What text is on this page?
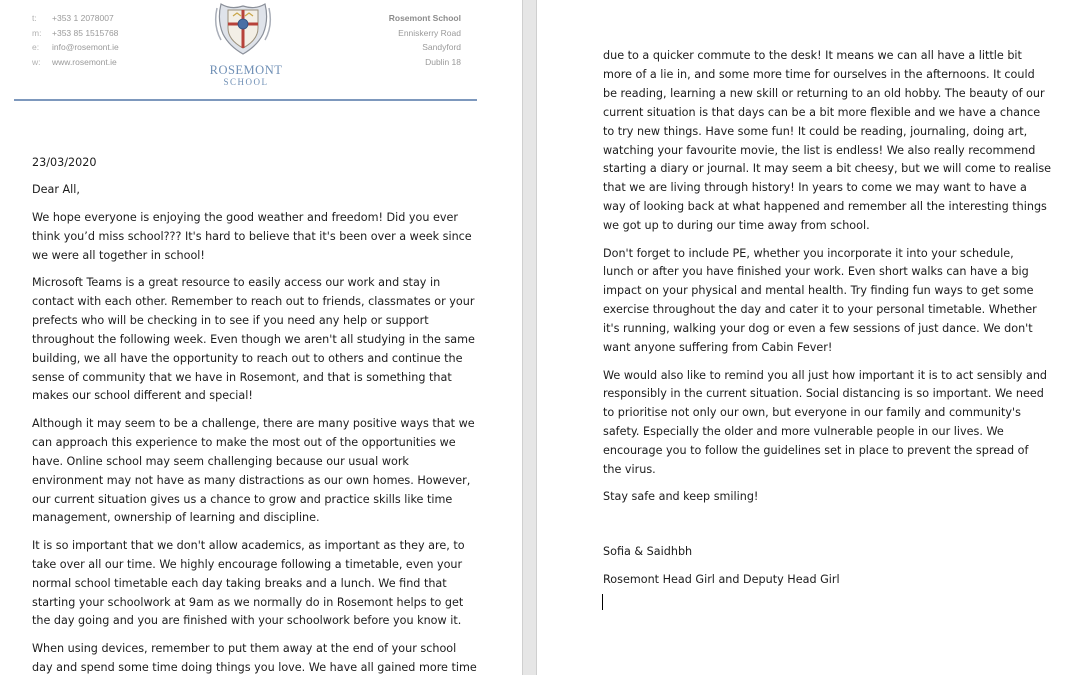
t: +353 1 2078007
m: +353 85 1515768
e: info@rosemont.ie
w: www.rosemont.ie
ROSEMONT
SCHOOL
Rosemont School
Enniskerry Road
Sandyford
Dublin 18

23/03/2020

Dear All,

We hope everyone is enjoying the good weather and freedom! Did you ever
think you’d miss school??? It's hard to believe that it's been over a week since
we were all together in school!

Microsoft Teams is a great resource to easily access our work and stay in
contact with each other. Remember to reach out to friends, classmates or your
prefects who will be checking in to see if you need any help or support
throughout the following week. Even though we aren't all studying in the same
building, we all have the opportunity to reach out to others and continue the
sense of community that we have in Rosemont, and that is something that
makes our school different and special!

Although it may seem to be a challenge, there are many positive ways that we
can approach this experience to make the most out of the opportunities we
have. Online school may seem challenging because our usual work
environment may not have as many distractions as our own homes. However,
our current situation gives us a chance to grow and practice skills like time
management, ownership of learning and discipline.

It is so important that we don't allow academics, as important as they are, to
take over all our time. We highly encourage following a timetable, even your
normal school timetable each day taking breaks and a lunch. We find that
starting your schoolwork at 9am as we normally do in Rosemont helps to get
the day going and you are finished with your schoolwork before you know it.

When using devices, remember to put them away at the end of your school
day and spend some time doing things you love. We have all gained more time

due to a quicker commute to the desk! It means we can all have a little bit
more of a lie in, and some more time for ourselves in the afternoons. It could
be reading, learning a new skill or returning to an old hobby. The beauty of our
current situation is that days can be a bit more flexible and we have a chance
to try new things. Have some fun! It could be reading, journaling, doing art,
watching your favourite movie, the list is endless! We also really recommend
starting a diary or journal. It may seem a bit cheesy, but we will come to realise
that we are living through history! In years to come we may want to have a
way of looking back at what happened and remember all the interesting things
we got up to during our time away from school.

Don't forget to include PE, whether you incorporate it into your schedule,
lunch or after you have finished your work. Even short walks can have a big
impact on your physical and mental health. Try finding fun ways to get some
exercise throughout the day and cater it to your personal timetable. Whether
it's running, walking your dog or even a few sessions of just dance. We don't
want anyone suffering from Cabin Fever!

We would also like to remind you all just how important it is to act sensibly and
responsibly in the current situation. Social distancing is so important. We need
to prioritise not only our own, but everyone in our family and community's
safety. Especially the older and more vulnerable people in our lives. We
encourage you to follow the guidelines set in place to prevent the spread of
the virus.

Stay safe and keep smiling!

Sofia & Saidhbh

Rosemont Head Girl and Deputy Head Girl
